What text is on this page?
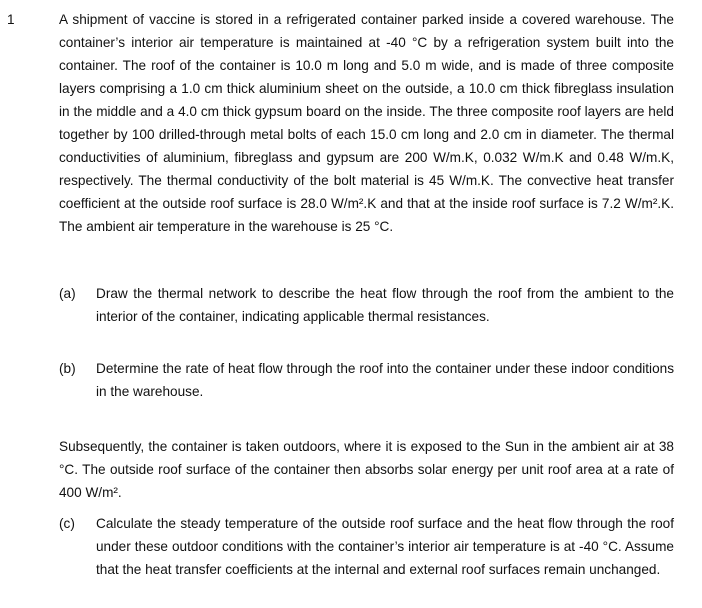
1	A shipment of vaccine is stored in a refrigerated container parked inside a covered warehouse. The container’s interior air temperature is maintained at -40 °C by a refrigeration system built into the container. The roof of the container is 10.0 m long and 5.0 m wide, and is made of three composite layers comprising a 1.0 cm thick aluminium sheet on the outside, a 10.0 cm thick fibreglass insulation in the middle and a 4.0 cm thick gypsum board on the inside. The three composite roof layers are held together by 100 drilled-through metal bolts of each 15.0 cm long and 2.0 cm in diameter. The thermal conductivities of aluminium, fibreglass and gypsum are 200 W/m.K, 0.032 W/m.K and 0.48 W/m.K, respectively. The thermal conductivity of the bolt material is 45 W/m.K. The convective heat transfer coefficient at the outside roof surface is 28.0 W/m².K and that at the inside roof surface is 7.2 W/m².K. The ambient air temperature in the warehouse is 25 °C.

(a) Draw the thermal network to describe the heat flow through the roof from the ambient to the interior of the container, indicating applicable thermal resistances.

(b) Determine the rate of heat flow through the roof into the container under these indoor conditions in the warehouse.

Subsequently, the container is taken outdoors, where it is exposed to the Sun in the ambient air at 38 °C. The outside roof surface of the container then absorbs solar energy per unit roof area at a rate of 400 W/m².

(c) Calculate the steady temperature of the outside roof surface and the heat flow through the roof under these outdoor conditions with the container’s interior air temperature is at -40 °C. Assume that the heat transfer coefficients at the internal and external roof surfaces remain unchanged.
